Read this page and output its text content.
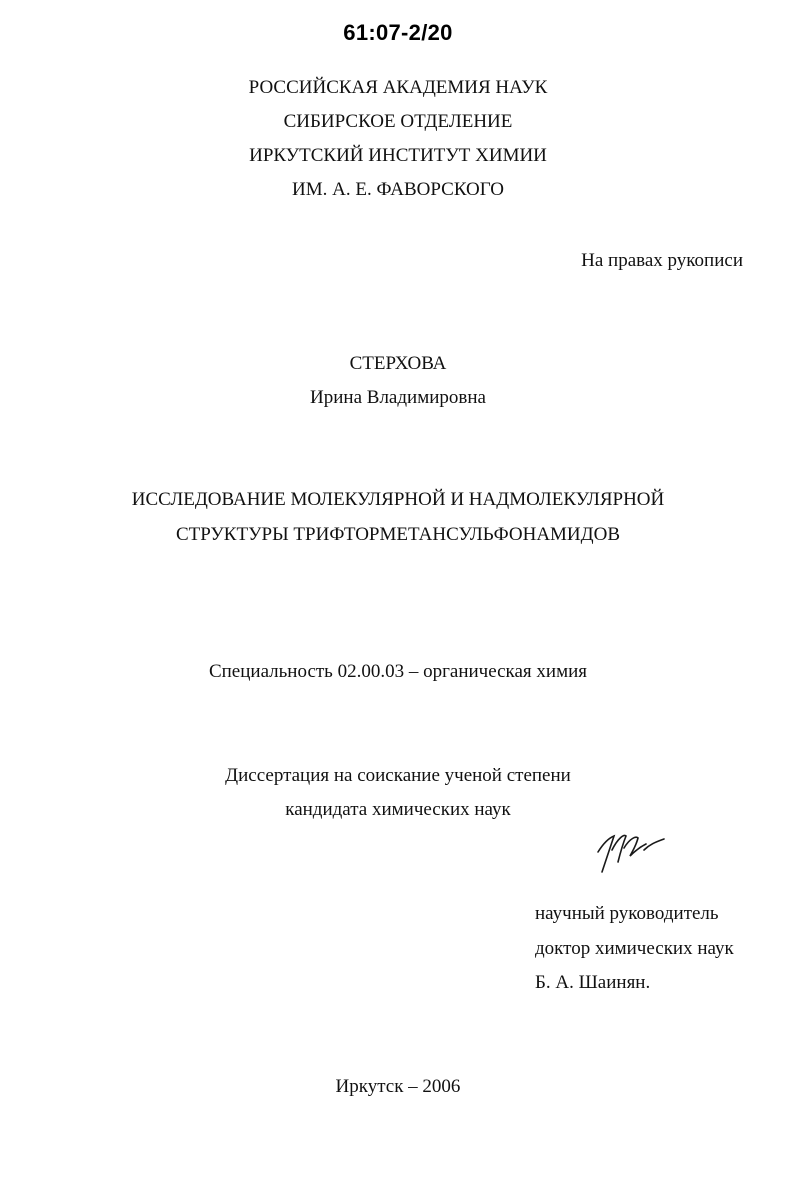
61:07-2/20
РОССИЙСКАЯ АКАДЕМИЯ НАУК
СИБИРСКОЕ ОТДЕЛЕНИЕ
ИРКУТСКИЙ ИНСТИТУТ ХИМИИ
ИМ. А. Е. ФАВОРСКОГО
На правах рукописи
СТЕРХОВА
Ирина Владимировна
ИССЛЕДОВАНИЕ МОЛЕКУЛЯРНОЙ И НАДМОЛЕКУЛЯРНОЙ
СТРУКТУРЫ ТРИФТОРМЕТАНСУЛЬФОНАМИДОВ
Специальность 02.00.03 – органическая химия
Диссертация на соискание ученой степени
кандидата химических наук
научный руководитель
доктор химических наук
Б. А. Шаинян.
Иркутск – 2006
